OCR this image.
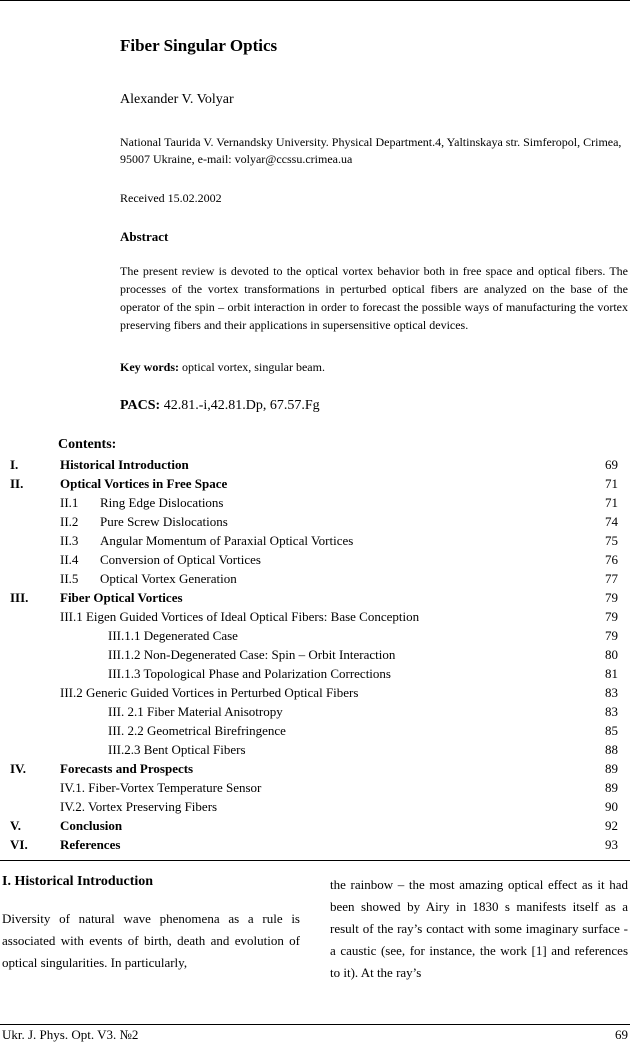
Fiber Singular Optics
Alexander V. Volyar
National Taurida V. Vernandsky University. Physical Department.4, Yaltinskaya str. Simferopol, Crimea, 95007 Ukraine, e-mail: volyar@ccssu.crimea.ua
Received 15.02.2002
Abstract
The present review is devoted to the optical vortex behavior both in free space and optical fibers. The processes of the vortex transformations in perturbed optical fibers are analyzed on the base of the operator of the spin – orbit interaction in order to forecast the possible ways of manufacturing the vortex preserving fibers and their applications in supersensitive optical devices.
Key words: optical vortex, singular beam.
PACS: 42.81.-i,42.81.Dp, 67.57.Fg
Contents:
I.	Historical Introduction	69
II.	Optical Vortices in Free Space	71
II.1 Ring Edge Dislocations	71
II.2 Pure Screw Dislocations	74
II.3 Angular Momentum of Paraxial Optical Vortices	75
II.4 Conversion of Optical Vortices	76
II.5 Optical Vortex Generation	77
III. Fiber Optical Vortices	79
III.1 Eigen Guided Vortices of Ideal Optical Fibers: Base Conception	79
III.1.1 Degenerated Case	79
III.1.2 Non-Degenerated Case: Spin – Orbit Interaction	80
III.1.3 Topological Phase and Polarization Corrections	81
III.2 Generic Guided Vortices in Perturbed Optical Fibers	83
III. 2.1 Fiber Material Anisotropy	83
III. 2.2 Geometrical Birefringence	85
III.2.3 Bent Optical Fibers	88
IV.	Forecasts and Prospects	89
IV.1. Fiber-Vortex Temperature Sensor	89
IV.2. Vortex Preserving Fibers	90
V.	Conclusion	92
VI. References	93
I. Historical Introduction
Diversity of natural wave phenomena as a rule is associated with events of birth, death and evolution of optical singularities. In particularly,
the rainbow – the most amazing optical effect as it had been showed by Airy in 1830 s manifests itself as a result of the ray’s contact with some imaginary surface - a caustic (see, for instance, the work [1] and references to it). At the ray’s
Ukr. J. Phys. Opt. V3. №2	69
